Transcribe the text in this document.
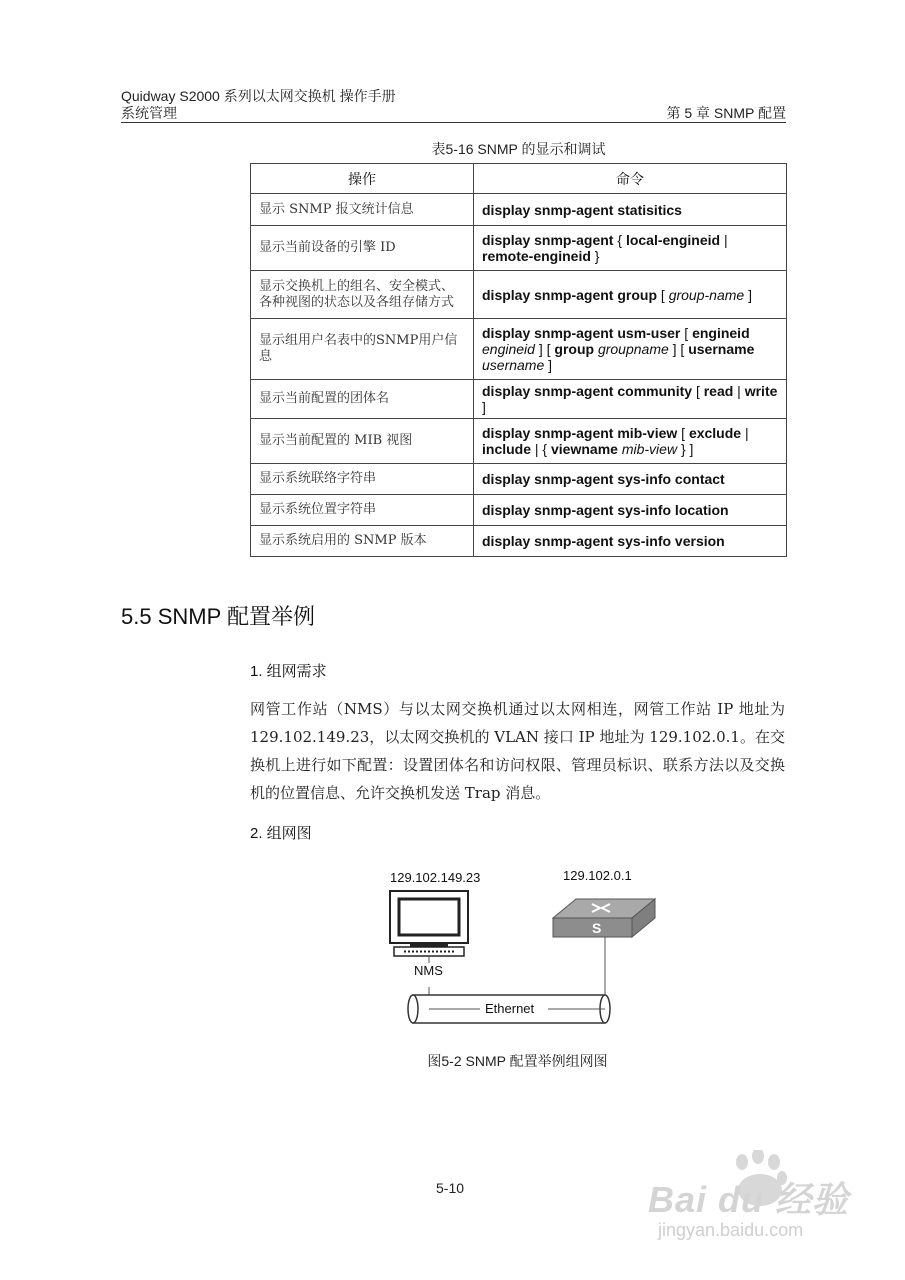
Quidway S2000 系列以太网交换机 操作手册
系统管理	第 5 章 SNMP 配置
表5-16 SNMP 的显示和调试
操作	命令
显示 SNMP 报文统计信息	display snmp-agent statisitics
显示当前设备的引擎 ID	display snmp-agent { local-engineid | remote-engineid }
显示交换机上的组名、安全模式、各种视图的状态以及各组存储方式	display snmp-agent group [ group-name ]
显示组用户名表中的SNMP用户信息	display snmp-agent usm-user [ engineid engineid ] [ group groupname ] [ username username ]
显示当前配置的团体名	display snmp-agent community [ read | write ]
显示当前配置的 MIB 视图	display snmp-agent mib-view [ exclude | include | { viewname mib-view } ]
显示系统联络字符串	display snmp-agent sys-info contact
显示系统位置字符串	display snmp-agent sys-info location
显示系统启用的 SNMP 版本	display snmp-agent sys-info version
5.5 SNMP 配置举例
1. 组网需求
网管工作站（NMS）与以太网交换机通过以太网相连，网管工作站 IP 地址为 129.102.149.23，以太网交换机的 VLAN 接口 IP 地址为 129.102.0.1。在交换机上进行如下配置：设置团体名和访问权限、管理员标识、联系方法以及交换机的位置信息、允许交换机发送 Trap 消息。
2. 组网图
129.102.149.23	129.102.0.1
S
NMS
Ethernet
图5-2 SNMP 配置举例组网图
5-10	Bai du 经验
jingyan.baidu.com
